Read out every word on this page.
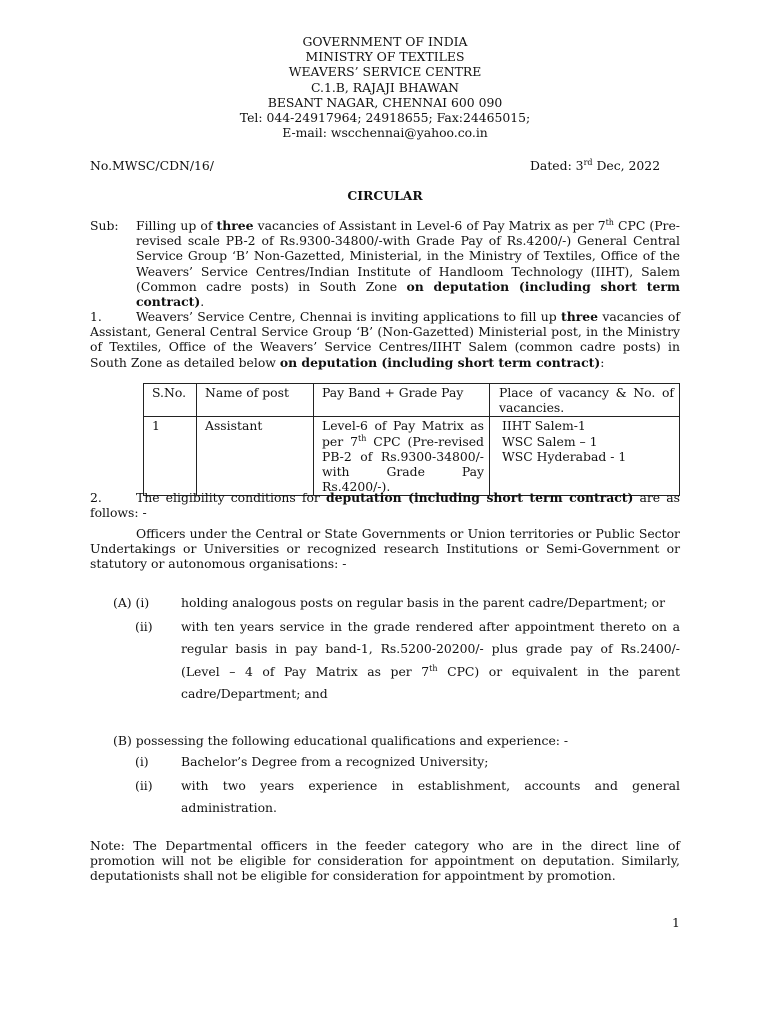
GOVERNMENT OF INDIA
MINISTRY OF TEXTILES
WEAVERS’ SERVICE CENTRE
C.1.B, RAJAJI BHAWAN
BESANT NAGAR, CHENNAI 600 090
Tel: 044-24917964; 24918655; Fax:24465015;
E-mail: wscchennai@yahoo.co.in
No.MWSC/CDN/16/	Dated: 3rd Dec, 2022
CIRCULAR
Sub: Filling up of three vacancies of Assistant in Level-6 of Pay Matrix as per 7th CPC (Pre-revised scale PB-2 of Rs.9300-34800/-with Grade Pay of Rs.4200/-) General Central Service Group ‘B’ Non-Gazetted, Ministerial, in the Ministry of Textiles, Office of the Weavers’ Service Centres/Indian Institute of Handloom Technology (IIHT), Salem (Common cadre posts) in South Zone on deputation (including short term contract).
1.	Weavers’ Service Centre, Chennai is inviting applications to fill up three vacancies of Assistant, General Central Service Group ‘B’ (Non-Gazetted) Ministerial post, in the Ministry of Textiles, Office of the Weavers’ Service Centres/IIHT Salem (common cadre posts) in South Zone as detailed below on deputation (including short term contract):
S.No.	Name of post	Pay Band + Grade Pay	Place of vacancy & No. of vacancies.
1	Assistant	Level-6 of Pay Matrix as per 7th CPC (Pre-revised PB-2 of Rs.9300-34800/- with Grade Pay Rs.4200/-).	IIHT Salem-1
WSC Salem – 1
WSC Hyderabad - 1
2.	The eligibility conditions for deputation (including short term contract) are as follows: -
Officers under the Central or State Governments or Union territories or Public Sector Undertakings or Universities or recognized research Institutions or Semi-Government or statutory or autonomous organisations: -
(A) (i)	holding analogous posts on regular basis in the parent cadre/Department; or
(ii) with ten years service in the grade rendered after appointment thereto on a
regular basis in pay band-1, Rs.5200-20200/- plus grade pay of Rs.2400/-
(Level – 4 of Pay Matrix as per 7th CPC) or equivalent in the parent
cadre/Department; and
(B) possessing the following educational qualifications and experience: -
(i)	Bachelor’s Degree from a recognized University;
(ii) with two years experience in establishment, accounts and general
administration.
Note: The Departmental officers in the feeder category who are in the direct line of promotion will not be eligible for consideration for appointment on deputation. Similarly, deputationists shall not be eligible for consideration for appointment by promotion.
1
